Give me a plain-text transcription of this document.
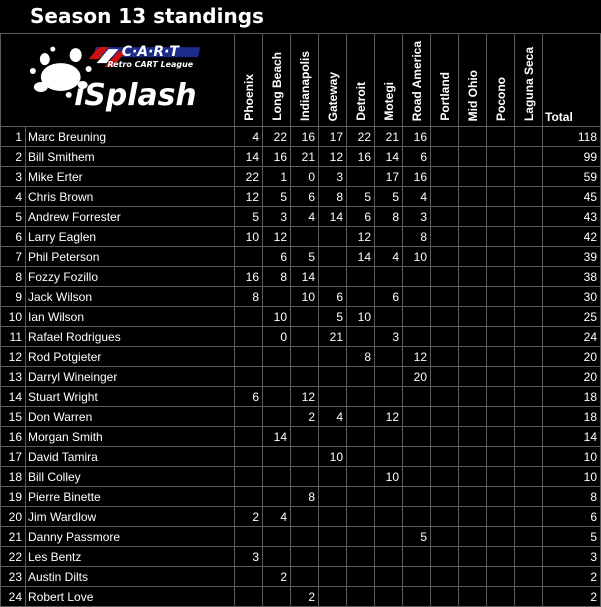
Season 13 standings
C·A·R·T
Retro CART League
iSplash		Phoenix	Long Beach	Indianapolis	Gateway	Detroit	Motegi	Road America	Portland	Mid Ohio	Pocono	Laguna Seca	Total
1	Marc Breuning	4	22	16	17	22	21	16					118
2	Bill Smithem	14	16	21	12	16	14	6					99
3	Mike Erter	22	1	0	3		17	16					59
4	Chris Brown	12	5	6	8	5	5	4					45
5	Andrew Forrester	5	3	4	14	6	8	3					43
6	Larry Eaglen	10	12			12		8					42
7	Phil Peterson		6	5		14	4	10					39
8	Fozzy Fozillo	16	8	14									38
9	Jack Wilson	8		10	6		6						30
10	Ian Wilson		10		5	10							25
11	Rafael Rodrigues		0		21		3						24
12	Rod Potgieter					8		12					20
13	Darryl Wineinger							20					20
14	Stuart Wright	6		12									18
15	Don Warren			2	4		12						18
16	Morgan Smith		14										14
17	David Tamira				10								10
18	Bill Colley						10						10
19	Pierre Binette			8									8
20	Jim Wardlow	2	4										6
21	Danny Passmore							5					5
22	Les Bentz	3											3
23	Austin Dilts		2										2
24	Robert Love			2									2
